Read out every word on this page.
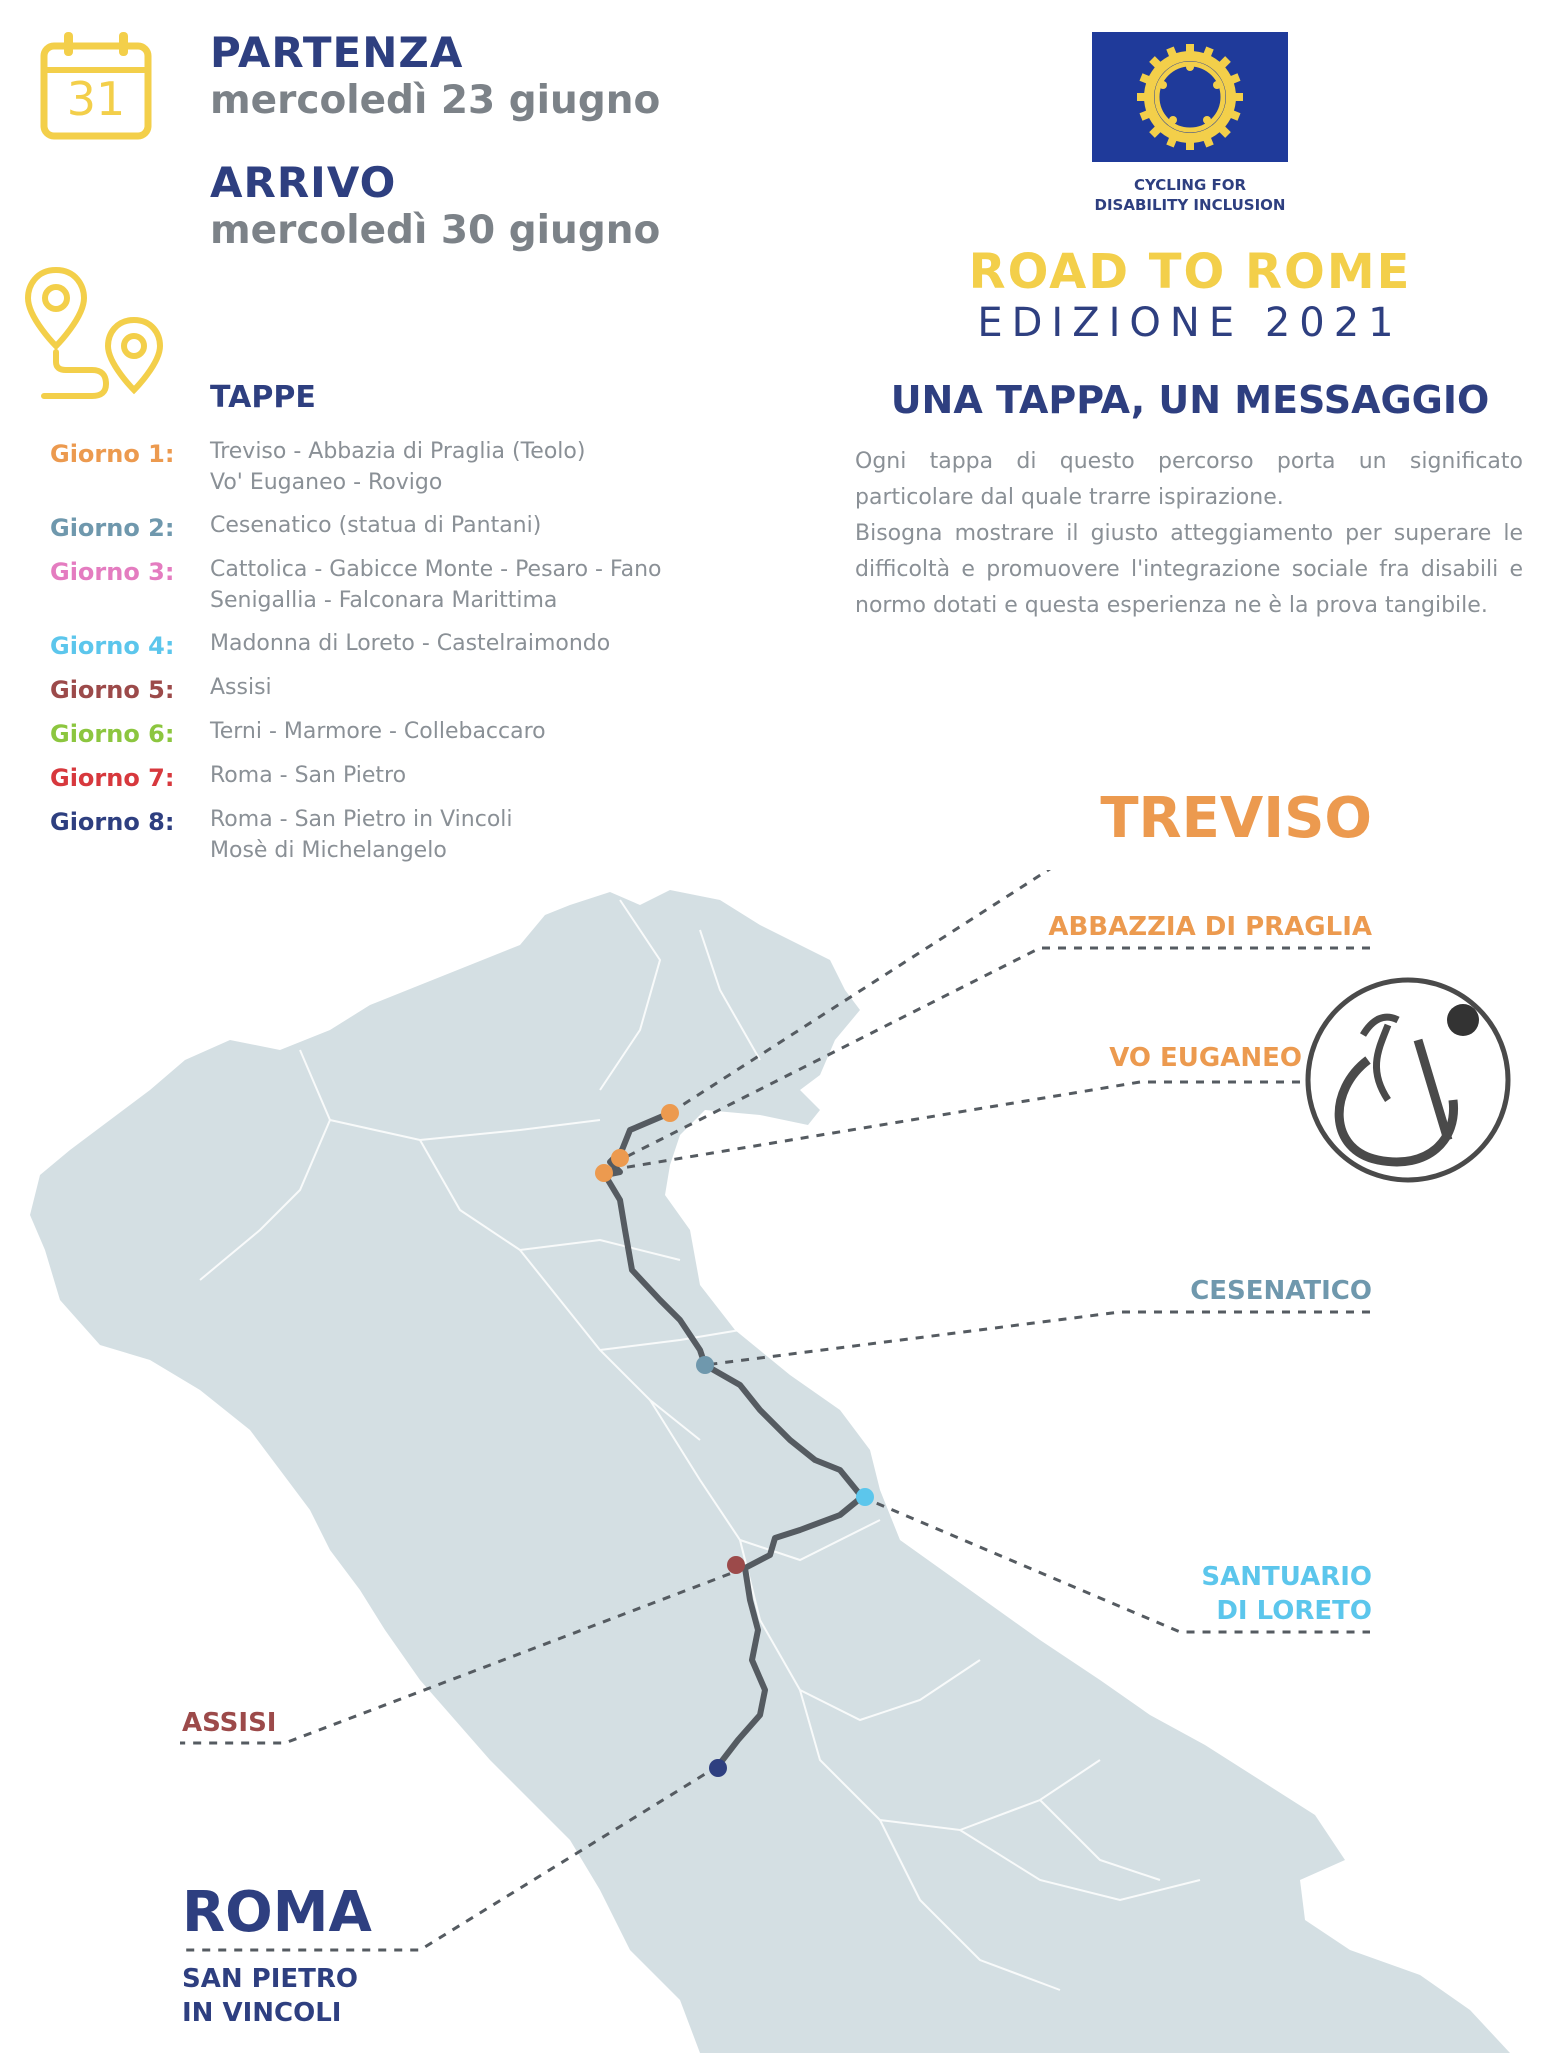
31
PARTENZA
mercoledì 23 giugno
ARRIVO
mercoledì 30 giugno
CYCLING FOR
DISABILITY INCLUSION
ROAD TO ROME
EDIZIONE 2021
TAPPE
Giorno 1: Treviso - Abbazia di Praglia (Teolo)
Vo' Euganeo - Rovigo
Giorno 2: Cesenatico (statua di Pantani)
Giorno 3: Cattolica - Gabicce Monte - Pesaro - Fano
Senigallia - Falconara Marittima
Giorno 4: Madonna di Loreto - Castelraimondo
Giorno 5: Assisi
Giorno 6: Terni - Marmore - Collebaccaro
Giorno 7: Roma - San Pietro
Giorno 8: Roma - San Pietro in Vincoli
Mosè di Michelangelo
UNA TAPPA, UN MESSAGGIO
Ogni tappa di questo percorso porta un significato particolare dal quale trarre ispirazione.
Bisogna mostrare il giusto atteggiamento per superare le difficoltà e promuovere l'integrazione sociale fra disabili e normo dotati e questa esperienza ne è la prova tangibile.
TREVISO
ABBAZZIA DI PRAGLIA
VO EUGANEO
CESENATICO
SANTUARIO
DI LORETO
ASSISI
ROMA
SAN PIETRO
IN VINCOLI
